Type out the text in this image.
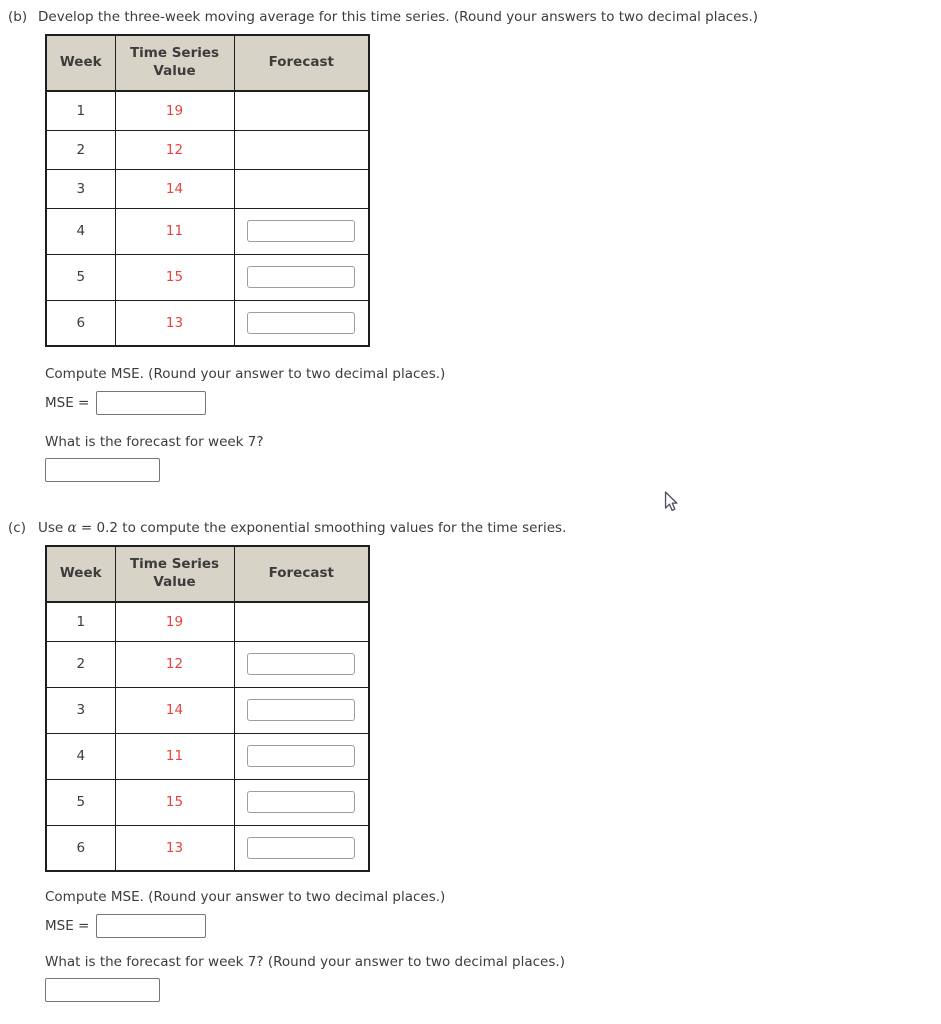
(b) Develop the three-week moving average for this time series. (Round your answers to two decimal places.)
Week	Time Series Value	Forecast
1	19	
2	12	
3	14	
4	11	
5	15	
6	13	
Compute MSE. (Round your answer to two decimal places.)
MSE =
What is the forecast for week 7?
(c) Use α = 0.2 to compute the exponential smoothing values for the time series.
Week	Time Series Value	Forecast
1	19	
2	12	
3	14	
4	11	
5	15	
6	13	
Compute MSE. (Round your answer to two decimal places.)
MSE =
What is the forecast for week 7? (Round your answer to two decimal places.)
